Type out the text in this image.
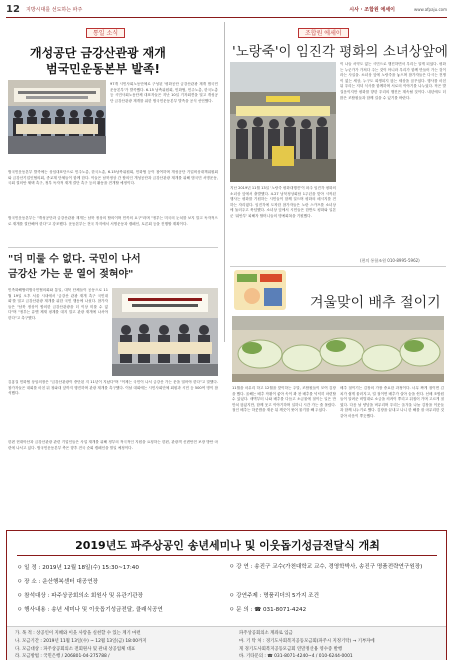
12 지방시대를 선도하는 파주	시사 · 조합원 에세이	www.afpaju.com
통일 소식
개성공단 금강산관광 재개
범국민운동본부 발족!
97개 시민사회노동단체로 구성된 '평화공단 금강산관광 재개 범국민 운동본부'가 발족했다. 6.15 남측위원회, 민화협, 민주노총, 한국노총 등 시민사회노동단체 대표자들은 지난 10일 기자회견을 열고 개성공단 금강산관광 재개를 위한 범국민운동본부 발족을 공식 선언했다.
범국민운동본부 발족에는 상임대표단으로 민주노총, 한국노총, 6.15남측위원회, 민화협 등이 참여하며 개성공단 기업비상대책위원회와 금강산기업인협의회, 종교계 단체들이 함께 한다. 이들은 남북정상 간 합의인 개성공단과 금강산관광 재개를 위해 범국민 서명운동, 국회 결의안 채택 촉구, 정부 독자적 재개 결단 촉구 등의 활동을 전개할 예정이다.
범국민운동본부는 "개성공단과 금강산관광 재개는 남북 정상의 합의이며 민족의 요구"라며 "정부는 미국의 눈치를 보지 말고 독자적으로 재개를 결단해야 한다"고 강조했다. 운동본부는 전국 각지에서 서명운동과 캠페인, 토론회 등을 진행할 계획이다.
"더 미룰 수 없다. 국민이 나서
금강산 가는 문 열어 젖혀야"
민족화해협력범국민협의회와 통일, 대북 단체들이 공동으로 11월 19일 오후 서울 시내에서 '금강산 관광 재개 촉구 국민대회'를 열고 금강산관광 재개를 위한 국민 행동에 나섰다. 참가자들은 "남북 정상이 합의한 금강산관광을 더 이상 미룰 수 없다"며 "정부는 유엔 제재 핑계를 대지 말고 관광 재개에 나서야 한다"고 촉구했다.
김홍걸 민화협 상임의장은 "금강산관광이 중단된 지 11년이 지났다"며 "이제는 국민이 나서 금강산 가는 문을 열어야 한다"고 말했다. 참가자들은 대회를 마친 뒤 청와대 앞까지 행진하며 관광 재개를 촉구했다. 이날 대회에는 시민사회단체 회원과 시민 등 500여 명이 참석했다.
한편 현대아산과 금강산관광 관련 기업인들은 사업 재개를 위해 정부의 적극적인 지원을 요청하는 한편, 관광객 신변안전 보장 방안 마련에 나서고 있다. 범국민운동본부 측은 향후 전국 순회 캠페인을 벌일 예정이다.
조합원 에세이
'노랑죽'이 임진각 평화의 소녀상앞에
이 나들 서약도 없는 시민으로 행진하면서 우리는 알게 되었다. 평화는 누군가가 가져다 주는 것이 아니라 우리가 함께 만들어 가는 것이라는 사실을. 소녀상 앞에 노랑죽을 놓으며 참가자들은 다시는 전쟁이 없는 세상, 누구도 희생되지 않는 세상을 꿈꾸었다. 행사를 마친 뒤 우리는 저녁 식사를 함께하며 서로의 이야기를 나누었다. 작은 발걸음이지만 평화를 향한 우리의 행진은 계속될 것이다. 내년에도 더 많은 조합원들과 함께 걸을 수 있기를 바란다.
지난 2019년 11월 13일 '노랑죽 평화대행진'이 파주 임진각 평화의 소녀상 앞에서 출발했다. 4.27 남북정상회담 1주년을 맞아 시작된 행사는 평화를 기원하는 시민들이 함께 걸으며 평화의 메시지를 전하는 자리였다. 임진각에 도착한 참가자들은 노란 스카프를 소녀상에 둘러주고 묵념했다. 소녀상 앞에서 시민들은 한반도 평화와 일본군 '위안부' 피해자 할머니들의 명예회복을 기원했다.
(편의 통합조원 010-8995-5962)
겨울맞이 배추 절이기
11월을 마무리 하고 12월을 맞이하는 주말, 조합원들이 모여 김장을 했다. 올해는 배추 작황이 좋아 속이 꽉 찬 배추를 넉넉히 마련할 수 있었다. 새벽부터 나와 배추를 다듬고 소금물에 절이는 일은 만만치 않았지만, 함께 웃고 이야기하며 일하니 시간 가는 줄 몰랐다. 절인 배추는 하룻밤을 재운 뒤 깨끗이 씻어 물기를 빼 두었다.
배추 절이기는 김장의 가장 중요한 과정이다. 너무 짜게 절이면 김치가 쉽게 물러지고, 덜 절이면 배추가 살아 숨을 쉰다. 선배 조합원들이 알려준 비법대로 소금을 켜켜이 뿌리고 뒤집어 가며 고르게 절였다. 다음 날 양념을 버무리며 우리는 올겨울 나눔 김장을 이웃들과 함께 나누기로 했다. 김장을 끝내고 나니 한 해를 잘 마무리한 것 같아 마음이 뿌듯했다.
2019년도 파주상공인 송년세미나 및 이웃돕기성금전달식 개최
ㅇ 일 정 : 2019년 12월 18일(수) 15:30~17:40
ㅇ 장 소 : 운산행복센터 대공연장
ㅇ 참석대상 : 파주상공회의소 회원사 및 유관기관장
ㅇ 행사내용 : 송년 세미나 및 이웃돕기성금전달, 클래식공연
ㅇ 강 연 : 송진구 교수(가천대학교 교수, 경영학박사, 송진구 명품전략연구원장)
ㅇ 강연주제 : 명품리더의 5가지 조건
ㅇ 문 의 : ☎ 031-8071-4242
가. 목 적 : 상공인이 지혜와 이웃 사랑을 실천할 수 있는 계기 마련
나. 모금기간 : 2019년 11월 13일(수) ~ 12월 13일(금) 18:00까지
다. 모금대상 : 파주상공회의소 전회원사 및 관내 상공업체 대표
라. 모금방법 : 국민은행 / 206801-04-275788 /
파주상공회의소 계좌로 입금
마. 기 탁 처 : 경기도사회복지공동모금회(파주시 지정기탁) → 기부자에
게 경기도사회복지공동모금회 연말정산용 영수증 발행
바. 기타문의 : ☎ 031-8071-4240~4 / 010-6244-0001
